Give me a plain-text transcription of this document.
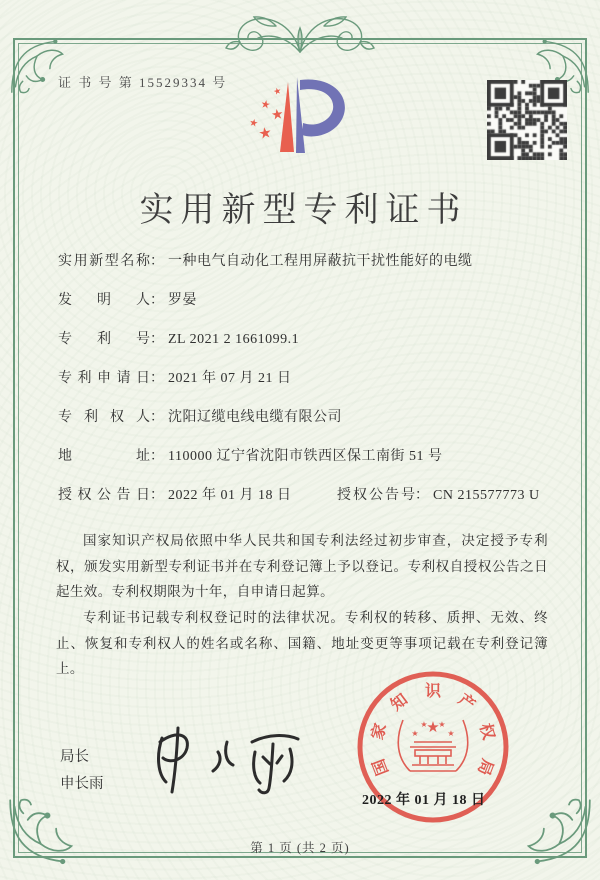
证 书 号 第 15529334 号
★
★
★
★
★
实用新型专利证书
实用新型名称： 一种电气自动化工程用屏蔽抗干扰性能好的电缆
发明人： 罗晏
专利号： ZL 2021 2 1661099.1
专利申请日： 2021 年 07 月 21 日
专利权人： 沈阳辽缆电线电缆有限公司
地址： 110000 辽宁省沈阳市铁西区保工南街 51 号
授权公告日： 2022 年 01 月 18 日	授权公告号： CN 215577773 U

国家知识产权局依照中华人民共和国专利法经过初步审查，决定授予专利权，颁发实用新型专利证书并在专利登记簿上予以登记。专利权自授权公告之日起生效。专利权期限为十年，自申请日起算。

专利证书记载专利权登记时的法律状况。专利权的转移、质押、无效、终止、恢复和专利权人的姓名或名称、国籍、地址变更等事项记载在专利登记簿上。

局长
申长雨
国
家
知 识 产
权
局
★
★
★ ★
★
2022 年 01 月 18 日
第 1 页 (共 2 页)
